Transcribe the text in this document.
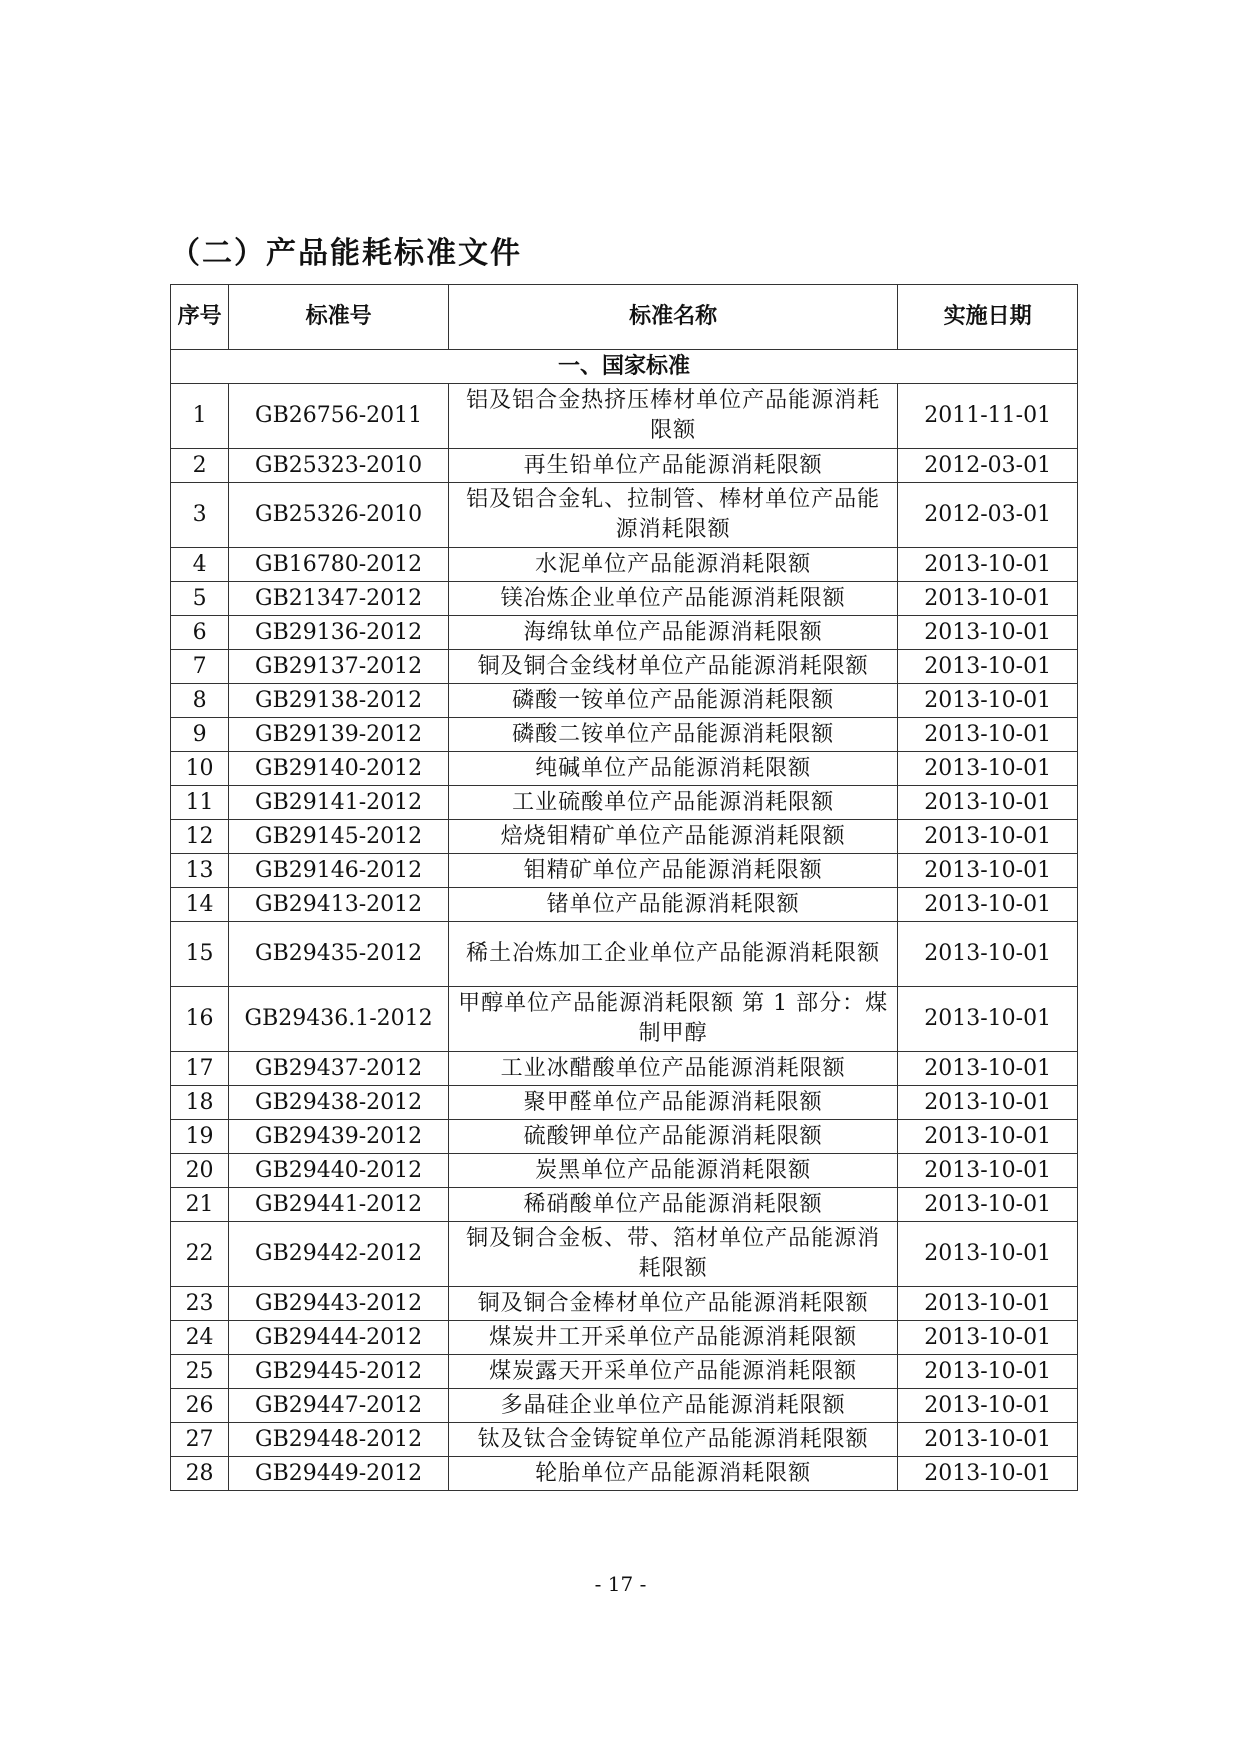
（二）产品能耗标准文件
序号	标准号	标准名称	实施日期
一、国家标准			
1	GB26756-2011	铝及铝合金热挤压棒材单位产品能源消耗限额	2011-11-01
2	GB25323-2010	再生铅单位产品能源消耗限额	2012-03-01
3	GB25326-2010	铝及铝合金轧、拉制管、棒材单位产品能源消耗限额	2012-03-01
4	GB16780-2012	水泥单位产品能源消耗限额	2013-10-01
5	GB21347-2012	镁冶炼企业单位产品能源消耗限额	2013-10-01
6	GB29136-2012	海绵钛单位产品能源消耗限额	2013-10-01
7	GB29137-2012	铜及铜合金线材单位产品能源消耗限额	2013-10-01
8	GB29138-2012	磷酸一铵单位产品能源消耗限额	2013-10-01
9	GB29139-2012	磷酸二铵单位产品能源消耗限额	2013-10-01
10	GB29140-2012	纯碱单位产品能源消耗限额	2013-10-01
11	GB29141-2012	工业硫酸单位产品能源消耗限额	2013-10-01
12	GB29145-2012	焙烧钼精矿单位产品能源消耗限额	2013-10-01
13	GB29146-2012	钼精矿单位产品能源消耗限额	2013-10-01
14	GB29413-2012	锗单位产品能源消耗限额	2013-10-01
15	GB29435-2012	稀土冶炼加工企业单位产品能源消耗限额	2013-10-01
16	GB29436.1-2012	甲醇单位产品能源消耗限额 第 1 部分：煤制甲醇	2013-10-01
17	GB29437-2012	工业冰醋酸单位产品能源消耗限额	2013-10-01
18	GB29438-2012	聚甲醛单位产品能源消耗限额	2013-10-01
19	GB29439-2012	硫酸钾单位产品能源消耗限额	2013-10-01
20	GB29440-2012	炭黑单位产品能源消耗限额	2013-10-01
21	GB29441-2012	稀硝酸单位产品能源消耗限额	2013-10-01
22	GB29442-2012	铜及铜合金板、带、箔材单位产品能源消耗限额	2013-10-01
23	GB29443-2012	铜及铜合金棒材单位产品能源消耗限额	2013-10-01
24	GB29444-2012	煤炭井工开采单位产品能源消耗限额	2013-10-01
25	GB29445-2012	煤炭露天开采单位产品能源消耗限额	2013-10-01
26	GB29447-2012	多晶硅企业单位产品能源消耗限额	2013-10-01
27	GB29448-2012	钛及钛合金铸锭单位产品能源消耗限额	2013-10-01
28	GB29449-2012	轮胎单位产品能源消耗限额	2013-10-01

- 17 -
